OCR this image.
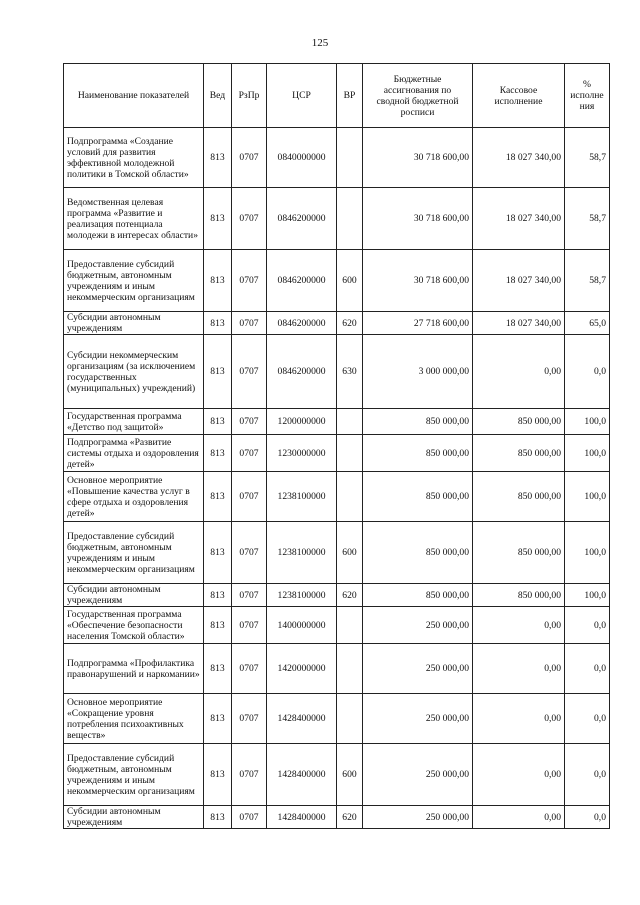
125
Наименование показателей	Вед	РзПр	ЦСР	ВР	Бюджетные ассигнования по сводной бюджетной росписи	Кассовое исполнение	% исполне ния
Подпрограмма «Создание условий для развития эффективной молодежной политики в Томской области»	813	0707	0840000000		30 718 600,00	18 027 340,00	58,7
Ведомственная целевая программа «Развитие и реализация потенциала молодежи в интересах области»	813	0707	0846200000		30 718 600,00	18 027 340,00	58,7
Предоставление субсидий бюджетным, автономным учреждениям и иным некоммерческим организациям	813	0707	0846200000	600	30 718 600,00	18 027 340,00	58,7
Субсидии автономным учреждениям	813	0707	0846200000	620	27 718 600,00	18 027 340,00	65,0
Субсидии некоммерческим организациям (за исключением государственных (муниципальных) учреждений)	813	0707	0846200000	630	3 000 000,00	0,00	0,0
Государственная программа «Детство под защитой»	813	0707	1200000000		850 000,00	850 000,00	100,0
Подпрограмма «Развитие системы отдыха и оздоровления детей»	813	0707	1230000000		850 000,00	850 000,00	100,0
Основное мероприятие «Повышение качества услуг в сфере отдыха и оздоровления детей»	813	0707	1238100000		850 000,00	850 000,00	100,0
Предоставление субсидий бюджетным, автономным учреждениям и иным некоммерческим организациям	813	0707	1238100000	600	850 000,00	850 000,00	100,0
Субсидии автономным учреждениям	813	0707	1238100000	620	850 000,00	850 000,00	100,0
Государственная программа «Обеспечение безопасности населения Томской области»	813	0707	1400000000		250 000,00	0,00	0,0
Подпрограмма «Профилактика правонарушений и наркомании»	813	0707	1420000000		250 000,00	0,00	0,0
Основное мероприятие «Сокращение уровня потребления психоактивных веществ»	813	0707	1428400000		250 000,00	0,00	0,0
Предоставление субсидий бюджетным, автономным учреждениям и иным некоммерческим организациям	813	0707	1428400000	600	250 000,00	0,00	0,0
Субсидии автономным учреждениям	813	0707	1428400000	620	250 000,00	0,00	0,0
